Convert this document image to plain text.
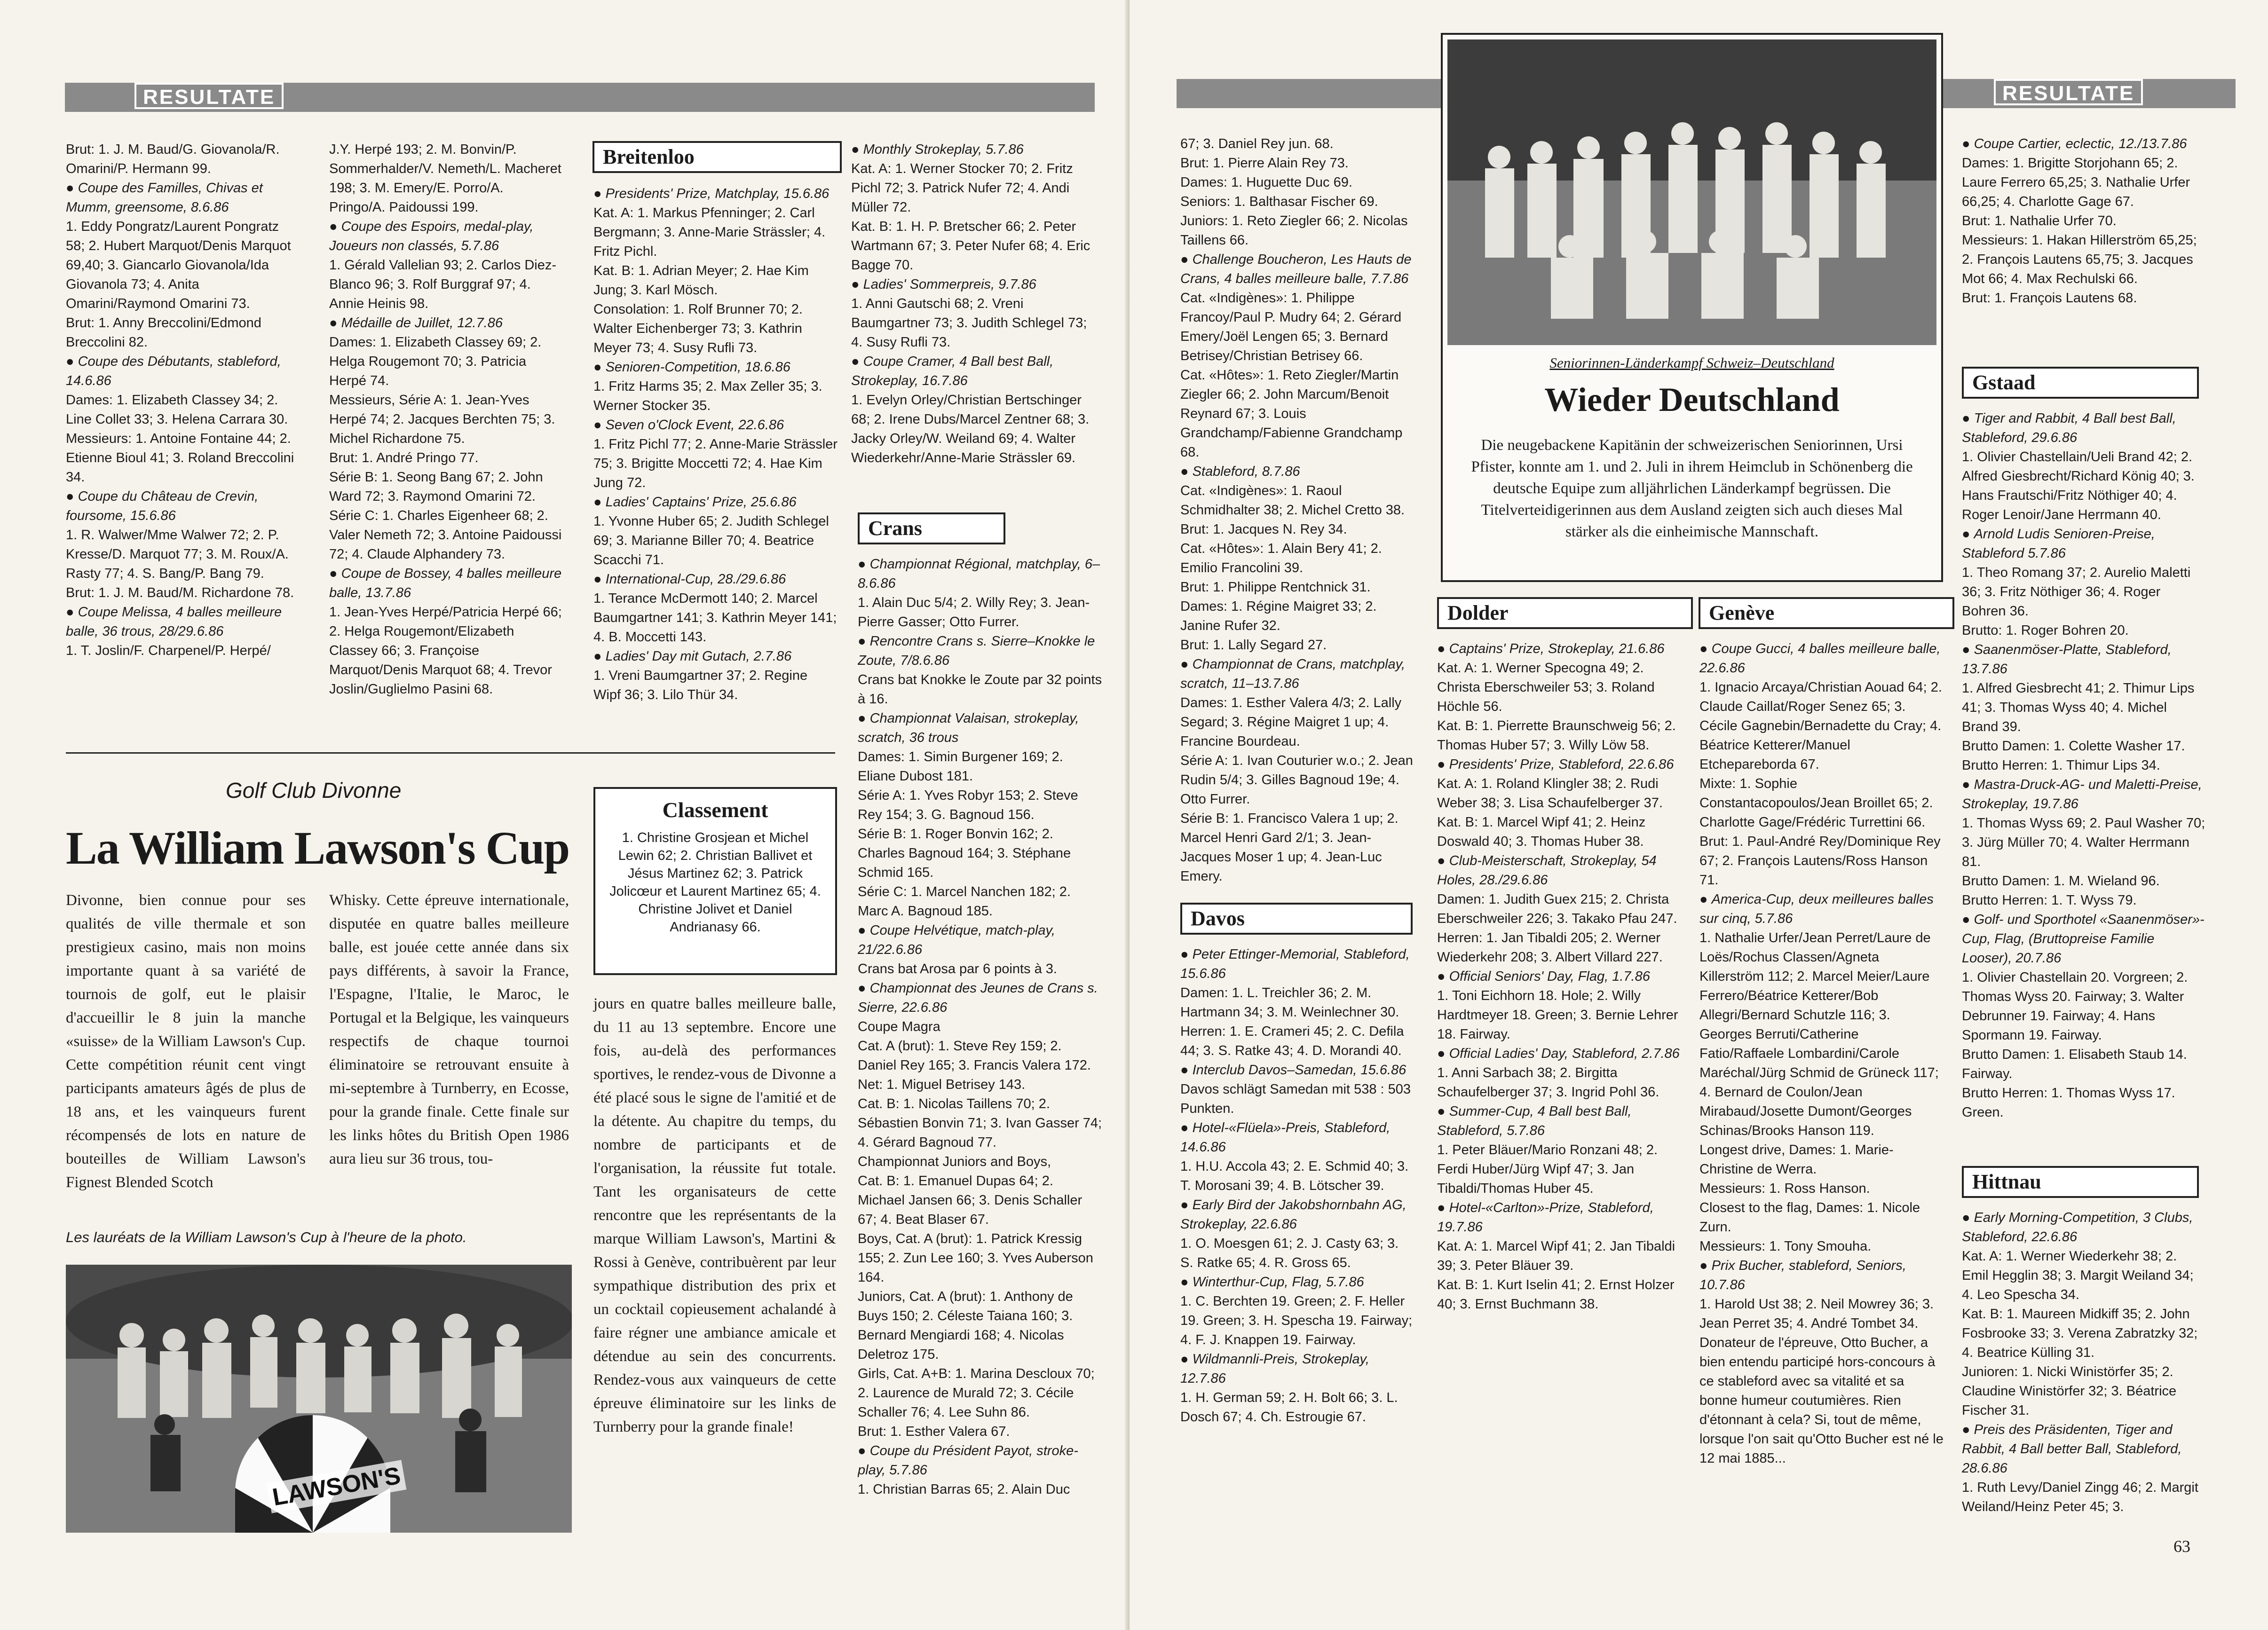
RESULTATE

Brut: 1. J. M. Baud/G. Giovanola/R. Omarini/P. Hermann 99.

● Coupe des Familles, Chivas et Mumm, greensome, 8.6.86

1. Eddy Pongratz/Laurent Pongratz 58; 2. Hubert Marquot/Denis Marquot 69,40; 3. Giancarlo Giovanola/Ida Giovanola 73; 4. Anita Omarini/Raymond Omarini 73.

Brut: 1. Anny Breccolini/Edmond Breccolini 82.

● Coupe des Débutants, stableford, 14.6.86

Dames: 1. Elizabeth Classey 34; 2. Line Collet 33; 3. Helena Carrara 30.

Messieurs: 1. Antoine Fontaine 44; 2. Etienne Bioul 41; 3. Roland Breccolini 34.

● Coupe du Château de Crevin, foursome, 15.6.86

1. R. Walwer/Mme Walwer 72; 2. P. Kresse/D. Marquot 77; 3. M. Roux/A. Rasty 77; 4. S. Bang/P. Bang 79.

Brut: 1. J. M. Baud/M. Richardone 78.

● Coupe Melissa, 4 balles meilleure balle, 36 trous, 28/29.6.86

1. T. Joslin/F. Charpenel/P. Herpé/

J.Y. Herpé 193; 2. M. Bonvin/P. Sommerhalder/V. Nemeth/L. Macheret 198; 3. M. Emery/E. Porro/A. Pringo/A. Paidoussi 199.

● Coupe des Espoirs, medal-play, Joueurs non classés, 5.7.86

1. Gérald Vallelian 93; 2. Carlos Diez-Blanco 96; 3. Rolf Burggraf 97; 4. Annie Heinis 98.

● Médaille de Juillet, 12.7.86

Dames: 1. Elizabeth Classey 69; 2. Helga Rougemont 70; 3. Patricia Herpé 74.

Messieurs, Série A: 1. Jean-Yves Herpé 74; 2. Jacques Berchten 75; 3. Michel Richardone 75.

Brut: 1. André Pringo 77.

Série B: 1. Seong Bang 67; 2. John Ward 72; 3. Raymond Omarini 72.

Série C: 1. Charles Eigenheer 68; 2. Valer Nemeth 72; 3. Antoine Paidoussi 72; 4. Claude Alphandery 73.

● Coupe de Bossey, 4 balles meilleure balle, 13.7.86

1. Jean-Yves Herpé/Patricia Herpé 66; 2. Helga Rougemont/Elizabeth Classey 66; 3. Françoise Marquot/Denis Marquot 68; 4. Trevor Joslin/Guglielmo Pasini 68.

Breitenloo

● Presidents' Prize, Matchplay, 15.6.86

Kat. A: 1. Markus Pfenninger; 2. Carl Bergmann; 3. Anne-Marie Strässler; 4. Fritz Pichl.

Kat. B: 1. Adrian Meyer; 2. Hae Kim Jung; 3. Karl Mösch.

Consolation: 1. Rolf Brunner 70; 2. Walter Eichenberger 73; 3. Kathrin Meyer 73; 4. Susy Rufli 73.

● Senioren-Competition, 18.6.86

1. Fritz Harms 35; 2. Max Zeller 35; 3. Werner Stocker 35.

● Seven o'Clock Event, 22.6.86

1. Fritz Pichl 77; 2. Anne-Marie Strässler 75; 3. Brigitte Moccetti 72; 4. Hae Kim Jung 72.

● Ladies' Captains' Prize, 25.6.86

1. Yvonne Huber 65; 2. Judith Schlegel 69; 3. Marianne Biller 70; 4. Beatrice Scacchi 71.

● International-Cup, 28./29.6.86

1. Terance McDermott 140; 2. Marcel Baumgartner 141; 3. Kathrin Meyer 141; 4. B. Moccetti 143.

● Ladies' Day mit Gutach, 2.7.86

1. Vreni Baumgartner 37; 2. Regine Wipf 36; 3. Lilo Thür 34.

● Monthly Strokeplay, 5.7.86

Kat. A: 1. Werner Stocker 70; 2. Fritz Pichl 72; 3. Patrick Nufer 72; 4. Andi Müller 72.

Kat. B: 1. H. P. Bretscher 66; 2. Peter Wartmann 67; 3. Peter Nufer 68; 4. Eric Bagge 70.

● Ladies' Sommerpreis, 9.7.86

1. Anni Gautschi 68; 2. Vreni Baumgartner 73; 3. Judith Schlegel 73; 4. Susy Rufli 73.

● Coupe Cramer, 4 Ball best Ball, Strokeplay, 16.7.86

1. Evelyn Orley/Christian Bertschinger 68; 2. Irene Dubs/Marcel Zentner 68; 3. Jacky Orley/W. Weiland 69; 4. Walter Wiederkehr/Anne-Marie Strässler 69.

Crans

● Championnat Régional, matchplay, 6–8.6.86

1. Alain Duc 5/4; 2. Willy Rey; 3. Jean-Pierre Gasser; Otto Furrer.

● Rencontre Crans s. Sierre–Knokke le Zoute, 7/8.6.86

Crans bat Knokke le Zoute par 32 points à 16.

● Championnat Valaisan, strokeplay, scratch, 36 trous

Dames: 1. Simin Burgener 169; 2. Eliane Dubost 181.

Série A: 1. Yves Robyr 153; 2. Steve Rey 154; 3. G. Bagnoud 156.

Série B: 1. Roger Bonvin 162; 2. Charles Bagnoud 164; 3. Stéphane Schmid 165.

Série C: 1. Marcel Nanchen 182; 2. Marc A. Bagnoud 185.

● Coupe Helvétique, match-play, 21/22.6.86

Crans bat Arosa par 6 points à 3.

● Championnat des Jeunes de Crans s. Sierre, 22.6.86

Coupe Magra

Cat. A (brut): 1. Steve Rey 159; 2. Daniel Rey 165; 3. Francis Valera 172.

Net: 1. Miguel Betrisey 143.

Cat. B: 1. Nicolas Taillens 70; 2. Sébastien Bonvin 71; 3. Ivan Gasser 74; 4. Gérard Bagnoud 77.

Championnat Juniors and Boys,

Cat. B: 1. Emanuel Dupas 64; 2. Michael Jansen 66; 3. Denis Schaller 67; 4. Beat Blaser 67.

Boys, Cat. A (brut): 1. Patrick Kressig 155; 2. Zun Lee 160; 3. Yves Auberson 164.

Juniors, Cat. A (brut): 1. Anthony de Buys 150; 2. Céleste Taiana 160; 3. Bernard Mengiardi 168; 4. Nicolas Deletroz 175.

Girls, Cat. A+B: 1. Marina Descloux 70; 2. Laurence de Murald 72; 3. Cécile Schaller 76; 4. Lee Suhn 86.

Brut: 1. Esther Valera 67.

● Coupe du Président Payot, stroke-play, 5.7.86

1. Christian Barras 65; 2. Alain Duc

Golf Club Divonne
La William Lawson's Cup
Divonne, bien connue pour ses qualités de ville thermale et son prestigieux casino, mais non moins importante quant à sa variété de tournois de golf, eut le plaisir d'accueillir le 8 juin la manche «suisse» de la William Lawson's Cup. Cette compétition réunit cent vingt participants amateurs âgés de plus de 18 ans, et les vainqueurs furent récompensés de lots en nature de bouteilles de William Lawson's Fignest Blended Scotch
Whisky. Cette épreuve internationale, disputée en quatre balles meilleure balle, est jouée cette année dans six pays différents, à savoir la France, l'Espagne, l'Italie, le Maroc, le Portugal et la Belgique, les vainqueurs respectifs de chaque tournoi éliminatoire se retrouvant ensuite à mi-septembre à Turnberry, en Ecosse, pour la grande finale. Cette finale sur les links hôtes du British Open 1986 aura lieu sur 36 trous, tou-
jours en quatre balles meilleure balle, du 11 au 13 septembre. Encore une fois, au-delà des performances sportives, le rendez-vous de Divonne a été placé sous le signe de l'amitié et de la détente. Au chapitre du temps, du nombre de participants et de l'organisation, la réussite fut totale. Tant les organisateurs de cette rencontre que les représentants de la marque William Lawson's, Martini & Rossi à Genève, contribuèrent par leur sympathique distribution des prix et un cocktail copieusement achalandé à faire régner une ambiance amicale et détendue au sein des concurrents. Rendez-vous aux vainqueurs de cette épreuve éliminatoire sur les links de Turnberry pour la grande finale!
Classement
1. Christine Grosjean et Michel Lewin 62; 2. Christian Ballivet et Jésus Martinez 62; 3. Patrick Jolicœur et Laurent Martinez 65; 4. Christine Jolivet et Daniel Andrianasy 66.
Les lauréats de la William Lawson's Cup à l'heure de la photo.
LAWSON'S
RESULTATE

67; 3. Daniel Rey jun. 68.

Brut: 1. Pierre Alain Rey 73.

Dames: 1. Huguette Duc 69.

Seniors: 1. Balthasar Fischer 69.

Juniors: 1. Reto Ziegler 66; 2. Nicolas Taillens 66.

● Challenge Boucheron, Les Hauts de Crans, 4 balles meilleure balle, 7.7.86

Cat. «Indigènes»: 1. Philippe Francoy/Paul P. Mudry 64; 2. Gérard Emery/Joël Lengen 65; 3. Bernard Betrisey/Christian Betrisey 66.

Cat. «Hôtes»: 1. Reto Ziegler/Martin Ziegler 66; 2. John Marcum/Benoit Reynard 67; 3. Louis Grandchamp/Fabienne Grandchamp 68.

● Stableford, 8.7.86

Cat. «Indigènes»: 1. Raoul Schmidhalter 38; 2. Michel Cretto 38.

Brut: 1. Jacques N. Rey 34.

Cat. «Hôtes»: 1. Alain Bery 41; 2. Emilio Francolini 39.

Brut: 1. Philippe Rentchnick 31.

Dames: 1. Régine Maigret 33; 2. Janine Rufer 32.

Brut: 1. Lally Segard 27.

● Championnat de Crans, matchplay, scratch, 11–13.7.86

Dames: 1. Esther Valera 4/3; 2. Lally Segard; 3. Régine Maigret 1 up; 4. Francine Bourdeau.

Série A: 1. Ivan Couturier w.o.; 2. Jean Rudin 5/4; 3. Gilles Bagnoud 19e; 4. Otto Furrer.

Série B: 1. Francisco Valera 1 up; 2. Marcel Henri Gard 2/1; 3. Jean-Jacques Moser 1 up; 4. Jean-Luc Emery.

Davos

● Peter Ettinger-Memorial, Stableford, 15.6.86

Damen: 1. L. Treichler 36; 2. M. Hartmann 34; 3. M. Weinlechner 30.

Herren: 1. E. Crameri 45; 2. C. Defila 44; 3. S. Ratke 43; 4. D. Morandi 40.

● Interclub Davos–Samedan, 15.6.86

Davos schlägt Samedan mit 538 : 503 Punkten.

● Hotel-«Flüela»-Preis, Stableford, 14.6.86

1. H.U. Accola 43; 2. E. Schmid 40; 3. T. Morosani 39; 4. B. Lötscher 39.

● Early Bird der Jakobshornbahn AG, Strokeplay, 22.6.86

1. O. Moesgen 61; 2. J. Casty 63; 3. S. Ratke 65; 4. R. Gross 65.

● Winterthur-Cup, Flag, 5.7.86

1. C. Berchten 19. Green; 2. F. Heller 19. Green; 3. H. Spescha 19. Fairway; 4. F. J. Knappen 19. Fairway.

● Wildmannli-Preis, Strokeplay, 12.7.86

1. H. German 59; 2. H. Bolt 66; 3. L. Dosch 67; 4. Ch. Estrougie 67.

Seniorinnen-Länderkampf Schweiz–Deutschland
Wieder Deutschland
Die neugebackene Kapitänin der schweizerischen Seniorinnen, Ursi Pfister, konnte am 1. und 2. Juli in ihrem Heimclub in Schönenberg die deutsche Equipe zum alljährlichen Länderkampf begrüssen. Die Titelverteidigerinnen aus dem Ausland zeigten sich auch dieses Mal stärker als die einheimische Mannschaft.
Dolder

● Captains' Prize, Strokeplay, 21.6.86

Kat. A: 1. Werner Specogna 49; 2. Christa Eberschweiler 53; 3. Roland Höchle 56.

Kat. B: 1. Pierrette Braunschweig 56; 2. Thomas Huber 57; 3. Willy Löw 58.

● Presidents' Prize, Stableford, 22.6.86

Kat. A: 1. Roland Klingler 38; 2. Rudi Weber 38; 3. Lisa Schaufelberger 37.

Kat. B: 1. Marcel Wipf 41; 2. Heinz Doswald 40; 3. Thomas Huber 38.

● Club-Meisterschaft, Strokeplay, 54 Holes, 28./29.6.86

Damen: 1. Judith Guex 215; 2. Christa Eberschweiler 226; 3. Takako Pfau 247.

Herren: 1. Jan Tibaldi 205; 2. Werner Wiederkehr 208; 3. Albert Villard 227.

● Official Seniors' Day, Flag, 1.7.86

1. Toni Eichhorn 18. Hole; 2. Willy Hardtmeyer 18. Green; 3. Bernie Lehrer 18. Fairway.

● Official Ladies' Day, Stableford, 2.7.86

1. Anni Sarbach 38; 2. Birgitta Schaufelberger 37; 3. Ingrid Pohl 36.

● Summer-Cup, 4 Ball best Ball, Stableford, 5.7.86

1. Peter Bläuer/Mario Ronzani 48; 2. Ferdi Huber/Jürg Wipf 47; 3. Jan Tibaldi/Thomas Huber 45.

● Hotel-«Carlton»-Prize, Stableford, 19.7.86

Kat. A: 1. Marcel Wipf 41; 2. Jan Tibaldi 39; 3. Peter Bläuer 39.

Kat. B: 1. Kurt Iselin 41; 2. Ernst Holzer 40; 3. Ernst Buchmann 38.

Genève

● Coupe Gucci, 4 balles meilleure balle, 22.6.86

1. Ignacio Arcaya/Christian Aouad 64; 2. Claude Caillat/Roger Senez 65; 3. Cécile Gagnebin/Bernadette du Cray; 4. Béatrice Ketterer/Manuel Etchepareborda 67.

Mixte: 1. Sophie Constantacopoulos/Jean Broillet 65; 2. Charlotte Gage/Frédéric Turrettini 66.

Brut: 1. Paul-André Rey/Dominique Rey 67; 2. François Lautens/Ross Hanson 71.

● America-Cup, deux meilleures balles sur cinq, 5.7.86

1. Nathalie Urfer/Jean Perret/Laure de Loës/Rochus Classen/Agneta Killerström 112; 2. Marcel Meier/Laure Ferrero/Béatrice Ketterer/Bob Allegri/Bernard Schutzle 116; 3. Georges Berruti/Catherine Fatio/Raffaele Lombardini/Carole Maréchal/Jürg Schmid de Grüneck 117; 4. Bernard de Coulon/Jean Mirabaud/Josette Dumont/Georges Schinas/Brooks Hanson 119.

Longest drive, Dames: 1. Marie-Christine de Werra.

Messieurs: 1. Ross Hanson.

Closest to the flag, Dames: 1. Nicole Zurn.

Messieurs: 1. Tony Smouha.

● Prix Bucher, stableford, Seniors, 10.7.86

1. Harold Ust 38; 2. Neil Mowrey 36; 3. Jean Perret 35; 4. André Tombet 34.

Donateur de l'épreuve, Otto Bucher, a bien entendu participé hors-concours à ce stableford avec sa vitalité et sa bonne humeur coutumières. Rien d'étonnant à cela? Si, tout de même, lorsque l'on sait qu'Otto Bucher est né le 12 mai 1885...

● Coupe Cartier, eclectic, 12./13.7.86

Dames: 1. Brigitte Storjohann 65; 2. Laure Ferrero 65,25; 3. Nathalie Urfer 66,25; 4. Charlotte Gage 67.

Brut: 1. Nathalie Urfer 70.

Messieurs: 1. Hakan Hillerström 65,25; 2. François Lautens 65,75; 3. Jacques Mot 66; 4. Max Rechulski 66.

Brut: 1. François Lautens 68.

Gstaad

● Tiger and Rabbit, 4 Ball best Ball, Stableford, 29.6.86

1. Olivier Chastellain/Ueli Brand 42; 2. Alfred Giesbrecht/Richard König 40; 3. Hans Frautschi/Fritz Nöthiger 40; 4. Roger Lenoir/Jane Herrmann 40.

● Arnold Ludis Senioren-Preise, Stableford 5.7.86

1. Theo Romang 37; 2. Aurelio Maletti 36; 3. Fritz Nöthiger 36; 4. Roger Bohren 36.

Brutto: 1. Roger Bohren 20.

● Saanenmöser-Platte, Stableford, 13.7.86

1. Alfred Giesbrecht 41; 2. Thimur Lips 41; 3. Thomas Wyss 40; 4. Michel Brand 39.

Brutto Damen: 1. Colette Washer 17.

Brutto Herren: 1. Thimur Lips 34.

● Mastra-Druck-AG- und Maletti-Preise, Strokeplay, 19.7.86

1. Thomas Wyss 69; 2. Paul Washer 70; 3. Jürg Müller 70; 4. Walter Herrmann 81.

Brutto Damen: 1. M. Wieland 96.

Brutto Herren: 1. T. Wyss 79.

● Golf- und Sporthotel «Saanenmöser»-Cup, Flag, (Bruttopreise Familie Looser), 20.7.86

1. Olivier Chastellain 20. Vorgreen; 2. Thomas Wyss 20. Fairway; 3. Walter Debrunner 19. Fairway; 4. Hans Spormann 19. Fairway.

Brutto Damen: 1. Elisabeth Staub 14. Fairway.

Brutto Herren: 1. Thomas Wyss 17. Green.

Hittnau

● Early Morning-Competition, 3 Clubs, Stableford, 22.6.86

Kat. A: 1. Werner Wiederkehr 38; 2. Emil Hegglin 38; 3. Margit Weiland 34; 4. Leo Spescha 34.

Kat. B: 1. Maureen Midkiff 35; 2. John Fosbrooke 33; 3. Verena Zabratzky 32; 4. Beatrice Külling 31.

Junioren: 1. Nicki Winistörfer 35; 2. Claudine Winistörfer 32; 3. Béatrice Fischer 31.

● Preis des Präsidenten, Tiger and Rabbit, 4 Ball better Ball, Stableford, 28.6.86

1. Ruth Levy/Daniel Zingg 46; 2. Margit Weiland/Heinz Peter 45; 3.

63
